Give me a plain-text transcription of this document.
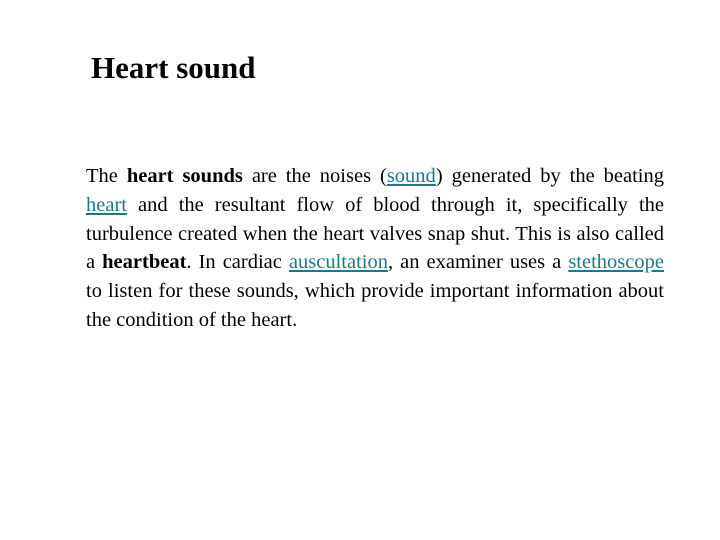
Heart sound

The heart sounds are the noises (sound) generated by the beating heart and the resultant flow of blood through it, specifically the turbulence created when the heart valves snap shut. This is also called a heartbeat. In cardiac auscultation, an examiner uses a stethoscope to listen for these sounds, which provide important information about the condition of the heart.
